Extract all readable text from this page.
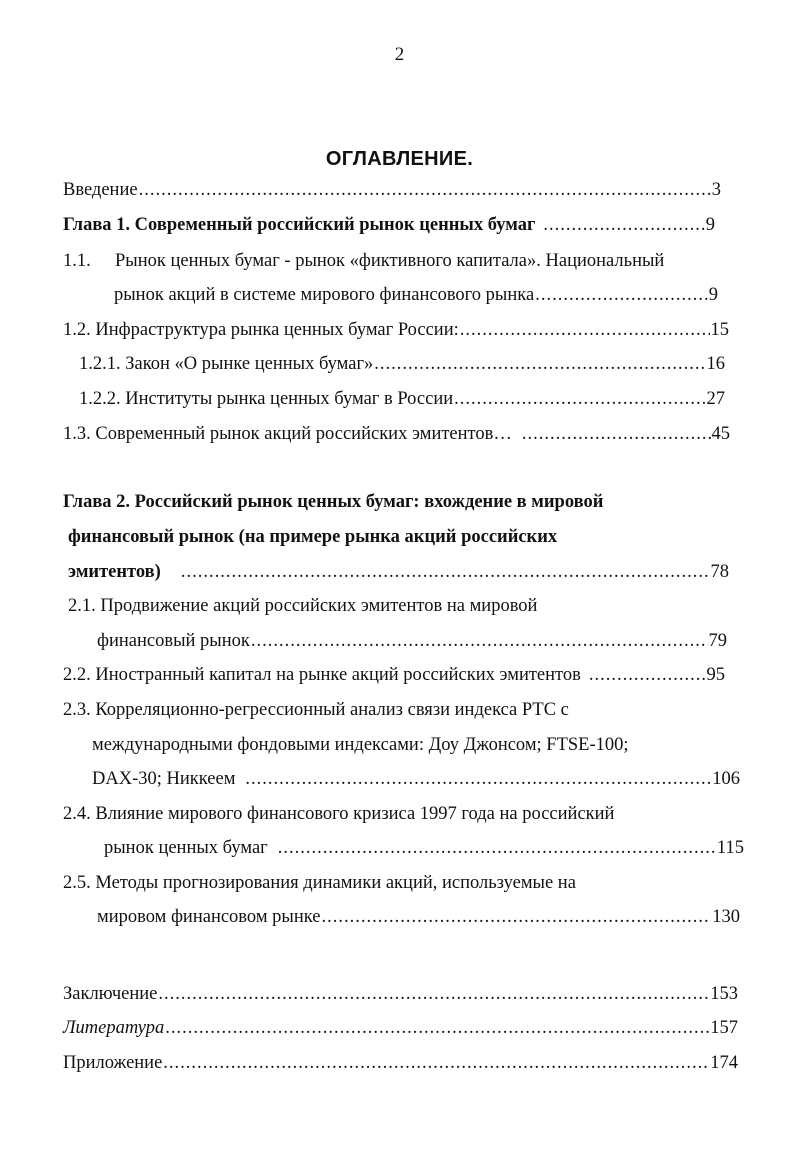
2
ОГЛАВЛЕНИЕ.
Введение .....	3
Глава 1. Современный российский рынок ценных бумаг .....	9
1.1. Рынок ценных бумаг - рынок «фиктивного капитала». Национальный
рынок акций в системе мирового финансового рынка .....	9
1.2. Инфраструктура рынка ценных бумаг России: .....	15
1.2.1. Закон «О рынке ценных бумаг» .....	16
1.2.2. Институты рынка ценных бумаг в России .....	27
1.3. Современный рынок акций российских эмитентов… .....	45
Глава 2. Российский рынок ценных бумаг: вхождение в мировой
финансовый рынок (на примере рынка акций российских
эмитентов) .....	78
2.1. Продвижение акций российских эмитентов на мировой
финансовый рынок .....	79
2.2. Иностранный капитал на рынке акций российских эмитентов .....	95
2.3. Корреляционно-регрессионный анализ связи индекса РТС с
международными фондовыми индексами: Доу Джонсом; FTSE-100;
DAX-30; Никкеем .....	106
2.4. Влияние мирового финансового кризиса 1997 года на российский
рынок ценных бумаг .....	115
2.5. Методы прогнозирования динамики акций, используемые на
мировом финансовом рынке .....	130
Заключение .....	153
Литература .....	157
Приложение .....	174
